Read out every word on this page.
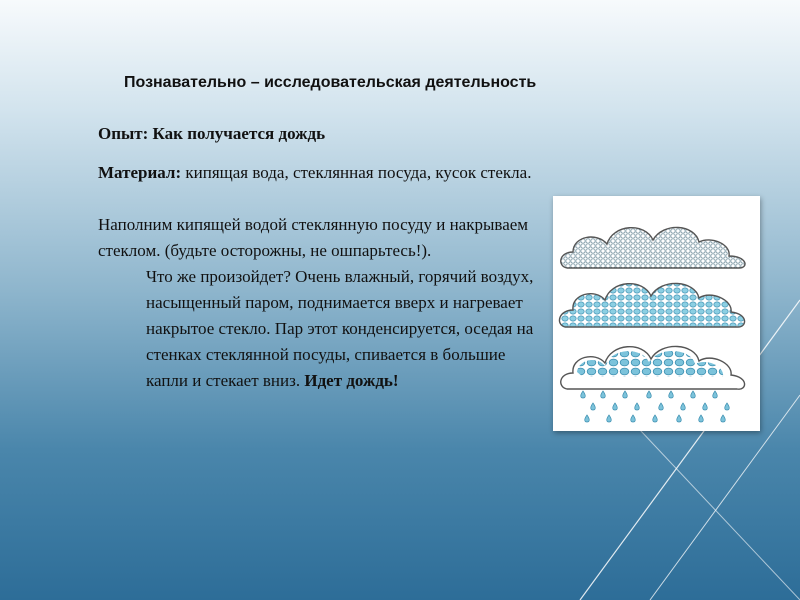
Познавательно – исследовательская деятельность
Опыт: Как получается дождь

Материал: кипящая вода, стеклянная посуда, кусок стекла.

Наполним кипящей водой стеклянную посуду и накрываем стеклом. (будьте осторожны, не ошпарьтесь!).

Что же произойдет? Очень влажный, горячий воздух, насыщенный паром, поднимается вверх и нагревает накрытое стекло. Пар этот конденсируется, оседая на стенках стеклянной посуды, спивается в большие капли и стекает вниз. Идет дождь!
